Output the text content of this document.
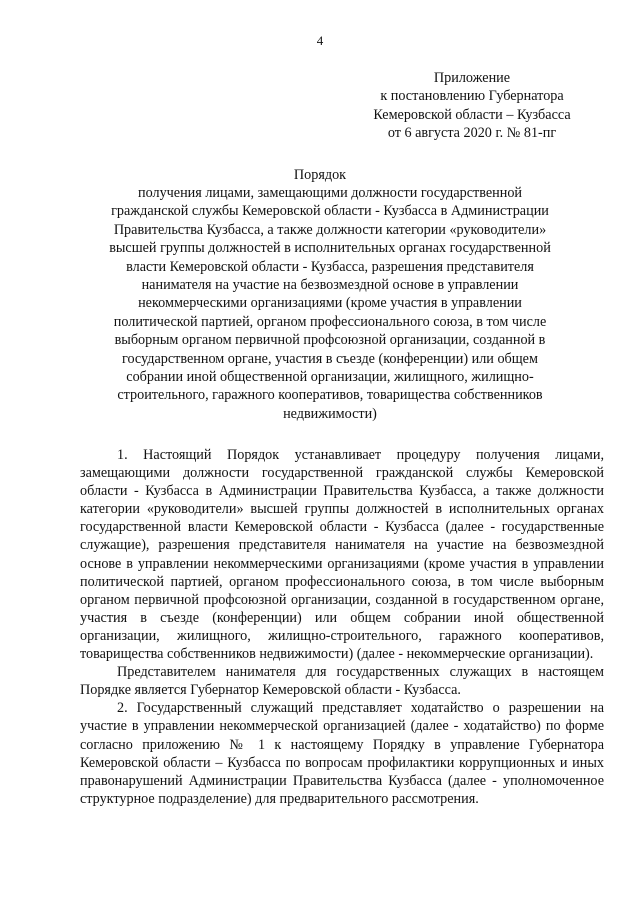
4
Приложение
к постановлению Губернатора
Кемеровской области – Кузбасса
от 6 августа 2020 г. № 81-пг
Порядок
получения лицами, замещающими должности государственной
гражданской службы Кемеровской области - Кузбасса в Администрации
Правительства Кузбасса, а также должности категории «руководители»
высшей группы должностей в исполнительных органах государственной
власти Кемеровской области - Кузбасса, разрешения представителя
нанимателя на участие на безвозмездной основе в управлении
некоммерческими организациями (кроме участия в управлении
политической партией, органом профессионального союза, в том числе
выборным органом первичной профсоюзной организации, созданной в
государственном органе, участия в съезде (конференции) или общем
собрании иной общественной организации, жилищного, жилищно-
строительного, гаражного кооперативов, товарищества собственников
недвижимости)

1. Настоящий Порядок устанавливает процедуру получения лицами, замещающими должности государственной гражданской службы Кемеровской области - Кузбасса в Администрации Правительства Кузбасса, а также должности категории «руководители» высшей группы должностей в исполнительных органах государственной власти Кемеровской области - Кузбасса (далее - государственные служащие), разрешения представителя нанимателя на участие на безвозмездной основе в управлении некоммерческими организациями (кроме участия в управлении политической партией, органом профессионального союза, в том числе выборным органом первичной профсоюзной организации, созданной в государственном органе, участия в съезде (конференции) или общем собрании иной общественной организации, жилищного, жилищно-строительного, гаражного кооперативов, товарищества собственников недвижимости) (далее - некоммерческие организации).

Представителем нанимателя для государственных служащих в настоящем Порядке является Губернатор Кемеровской области - Кузбасса.

2. Государственный служащий представляет ходатайство о разрешении на участие в управлении некоммерческой организацией (далее - ходатайство) по форме согласно приложению № 1 к настоящему Порядку в управление Губернатора Кемеровской области – Кузбасса по вопросам профилактики коррупционных и иных правонарушений Администрации Правительства Кузбасса (далее - уполномоченное структурное подразделение) для предварительного рассмотрения.
